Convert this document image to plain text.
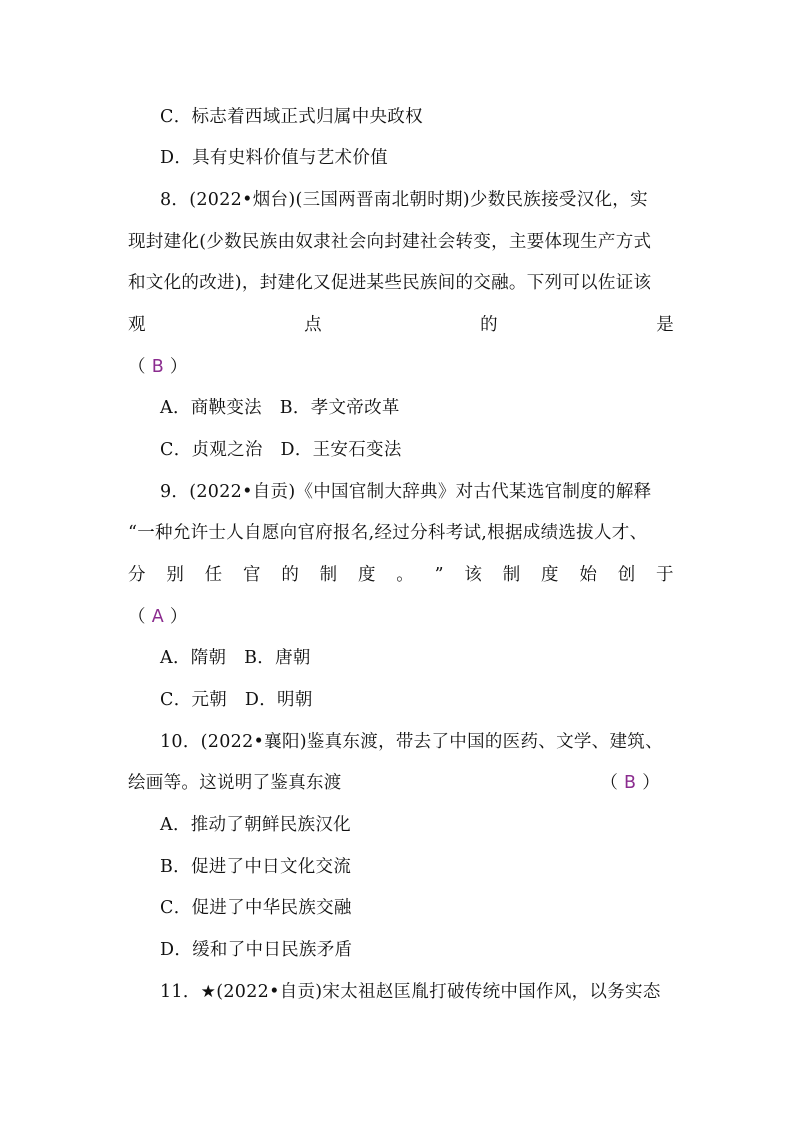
C．标志着西域正式归属中央政权
D．具有史料价值与艺术价值
8．(2022•烟台)(三国两晋南北朝时期)少数民族接受汉化，实
现封建化(少数民族由奴隶社会向封建社会转变，主要体现生产方式
和文化的改进)，封建化又促进某些民族间的交融。下列可以佐证该
观	点	的	是
（ B ）
A．商鞅变法　B．孝文帝改革
C．贞观之治　D．王安石变法
9．(2022•自贡)《中国官制大辞典》对古代某选官制度的解释
“一种允许士人自愿向官府报名,经过分科考试,根据成绩选拔人才、
分 别 任 官 的 制 度 。 ” 该 制 度 始 创 于
（ A ）
A．隋朝　B．唐朝
C．元朝　D．明朝
10．(2022•襄阳)鉴真东渡，带去了中国的医药、文学、建筑、
绘画等。这说明了鉴真东渡	（ B ）
A．推动了朝鲜民族汉化
B．促进了中日文化交流
C．促进了中华民族交融
D．缓和了中日民族矛盾
11．★(2022•自贡)宋太祖赵匡胤打破传统中国作风，以务实态
